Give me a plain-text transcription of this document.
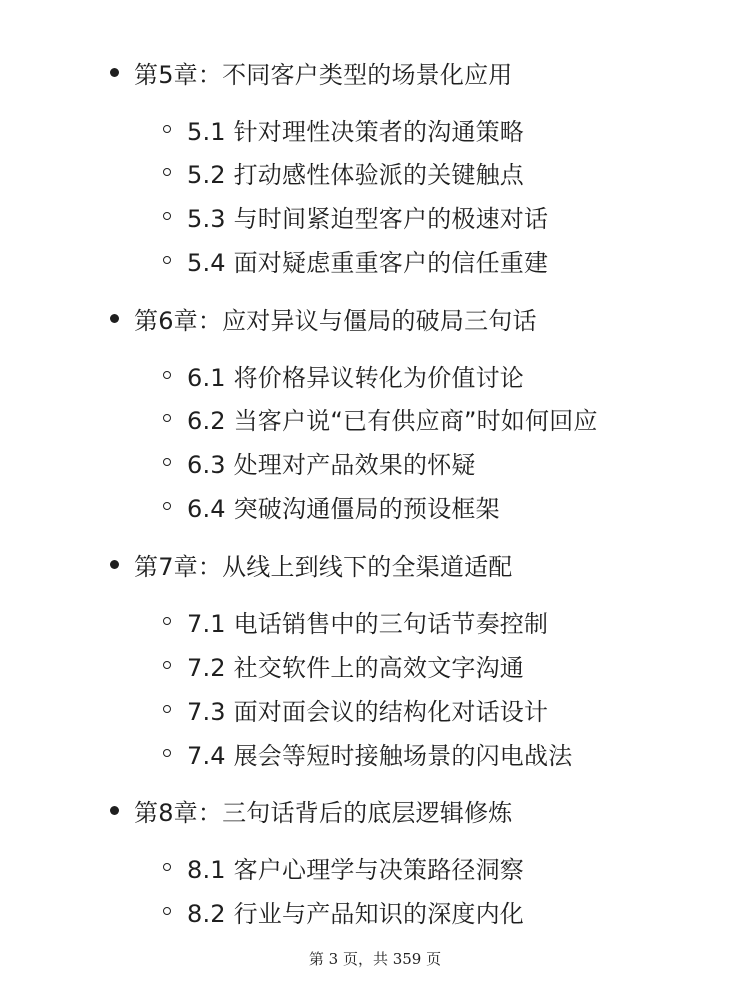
第5章：不同客户类型的场景化应用
5.1 针对理性决策者的沟通策略
5.2 打动感性体验派的关键触点
5.3 与时间紧迫型客户的极速对话
5.4 面对疑虑重重客户的信任重建
第6章：应对异议与僵局的破局三句话
6.1 将价格异议转化为价值讨论
6.2 当客户说“已有供应商”时如何回应
6.3 处理对产品效果的怀疑
6.4 突破沟通僵局的预设框架
第7章：从线上到线下的全渠道适配
7.1 电话销售中的三句话节奏控制
7.2 社交软件上的高效文字沟通
7.3 面对面会议的结构化对话设计
7.4 展会等短时接触场景的闪电战法
第8章：三句话背后的底层逻辑修炼
8.1 客户心理学与决策路径洞察
8.2 行业与产品知识的深度内化
第 3 页，共 359 页
